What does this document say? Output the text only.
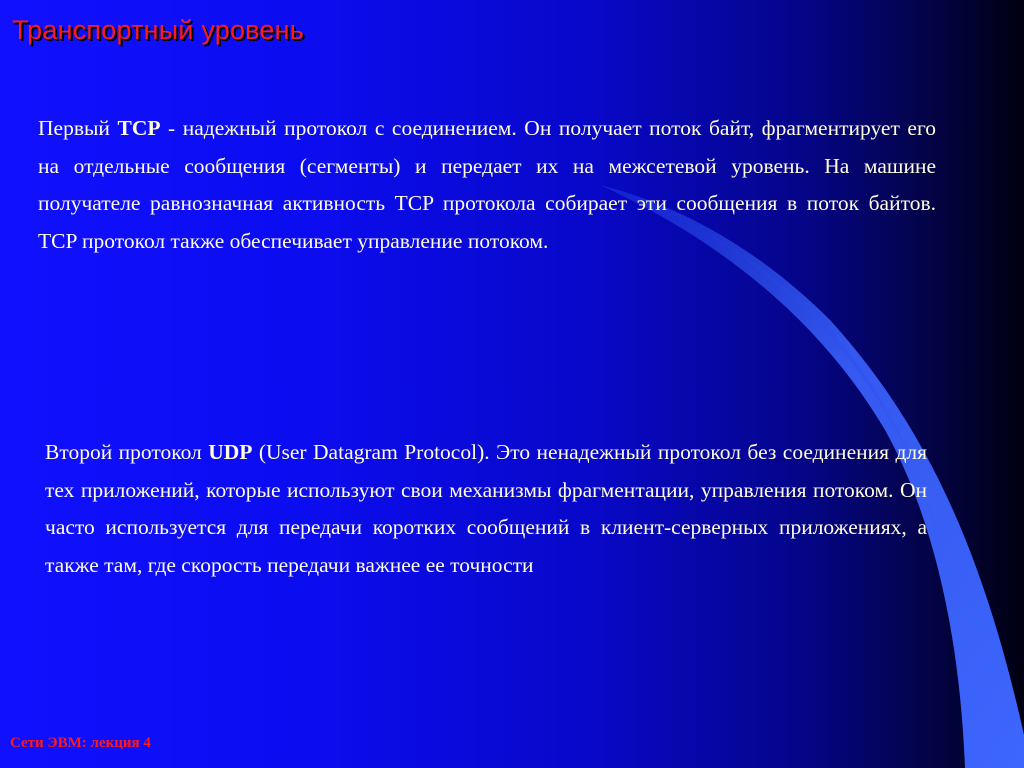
Транспортный уровень

Первый TCP - надежный протокол с соединением. Он получает поток байт, фрагментирует его на отдельные сообщения (сегменты) и передает их на межсетевой уровень. На машине получателе равнозначная активность TCP протокола собирает эти сообщения в поток байтов. TCP протокол также обеспечивает управление потоком.

Второй протокол UDP (User Datagram Protocol). Это ненадежный протокол без соединения для тех приложений, которые используют свои механизмы фрагментации, управления потоком. Он часто используется для передачи коротких сообщений в клиент-серверных приложениях, а также там, где скорость передачи важнее ее точности

Сети ЭВМ: лекция 4
